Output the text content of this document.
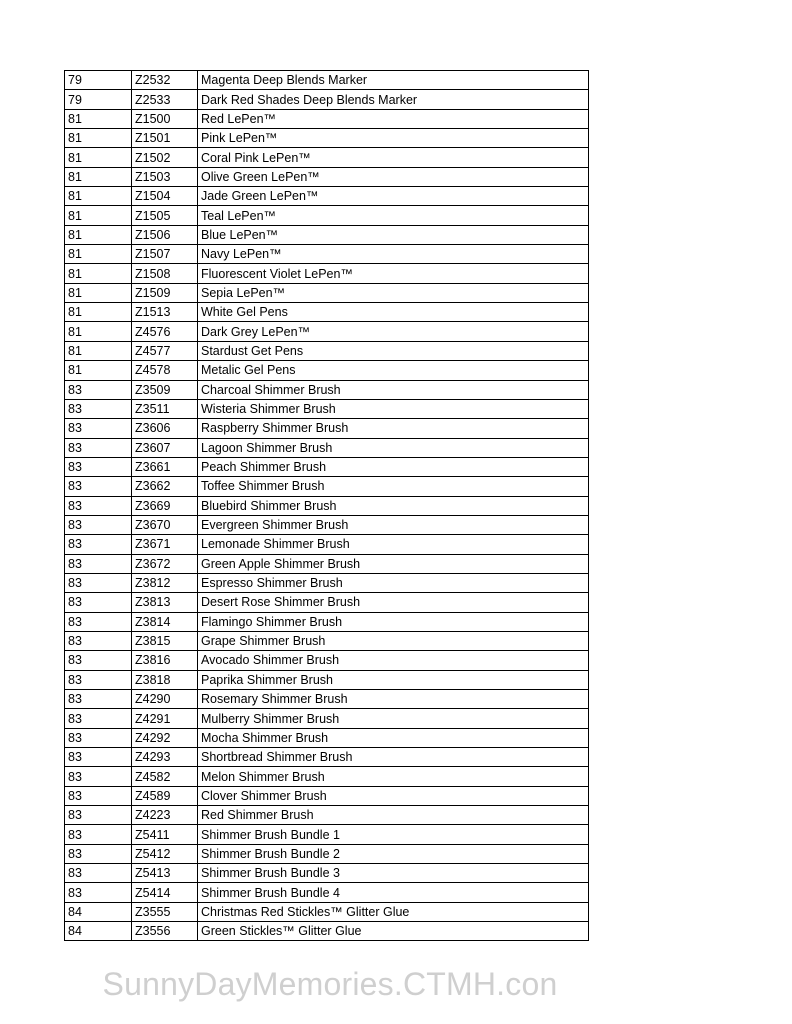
79	Z2532	Magenta Deep Blends Marker
79	Z2533	Dark Red Shades Deep Blends Marker
81	Z1500	Red LePen™
81	Z1501	Pink LePen™
81	Z1502	Coral Pink LePen™
81	Z1503	Olive Green LePen™
81	Z1504	Jade Green LePen™
81	Z1505	Teal LePen™
81	Z1506	Blue LePen™
81	Z1507	Navy LePen™
81	Z1508	Fluorescent Violet LePen™
81	Z1509	Sepia LePen™
81	Z1513	White Gel Pens
81	Z4576	Dark Grey LePen™
81	Z4577	Stardust Get Pens
81	Z4578	Metalic Gel Pens
83	Z3509	Charcoal Shimmer Brush
83	Z3511	Wisteria Shimmer Brush
83	Z3606	Raspberry Shimmer Brush
83	Z3607	Lagoon Shimmer Brush
83	Z3661	Peach Shimmer Brush
83	Z3662	Toffee Shimmer Brush
83	Z3669	Bluebird Shimmer Brush
83	Z3670	Evergreen Shimmer Brush
83	Z3671	Lemonade Shimmer Brush
83	Z3672	Green Apple Shimmer Brush
83	Z3812	Espresso Shimmer Brush
83	Z3813	Desert Rose Shimmer Brush
83	Z3814	Flamingo Shimmer Brush
83	Z3815	Grape Shimmer Brush
83	Z3816	Avocado Shimmer Brush
83	Z3818	Paprika Shimmer Brush
83	Z4290	Rosemary Shimmer Brush
83	Z4291	Mulberry Shimmer Brush
83	Z4292	Mocha Shimmer Brush
83	Z4293	Shortbread Shimmer Brush
83	Z4582	Melon Shimmer Brush
83	Z4589	Clover Shimmer Brush
83	Z4223	Red Shimmer Brush
83	Z5411	Shimmer Brush Bundle 1
83	Z5412	Shimmer Brush Bundle 2
83	Z5413	Shimmer Brush Bundle 3
83	Z5414	Shimmer Brush Bundle 4
84	Z3555	Christmas Red Stickles™ Glitter Glue
84	Z3556	Green Stickles™ Glitter Glue
SunnyDayMemories.CTMH.con
